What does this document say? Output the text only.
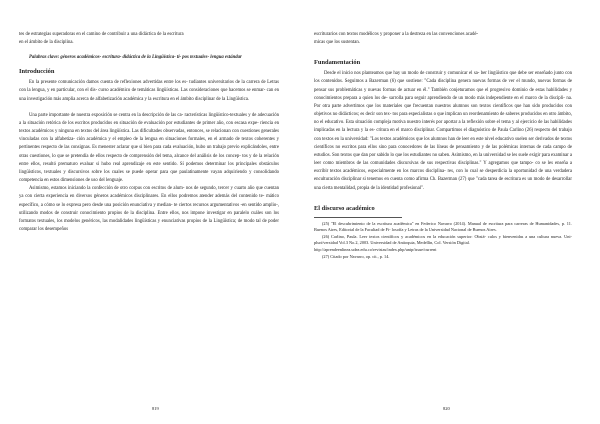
tes de estrategias superadoras en el camino de contribuir a una didáctica de la escritura

en el ámbito de la disciplina.

Palabras clave: géneros académicos- escritura- didáctica de la Lingüística- ti- pos textuales- lengua estándar
Introducción

En la presente comunicación damos cuenta de reflexiones advertidas entre los es- tudiantes universitarios de la carrera de Letras con la lengua, y en particular, con el dis- curso académico de temáticas lingüísticas. Las consideraciones que hacemos se enmar- can en una investigación más amplia acerca de alfabetización académica y la escritura en el ámbito disciplinar de la Lingüística.

Una parte importante de nuestra exposición se centra en la descripción de las ca- racterísticas lingüístico-textuales y de adecuación a la situación retórica de los escritos producidos en situación de evaluación por estudiantes de primer año, con escasa expe- riencia en textos académicos y ninguna en textos del área lingüística. Las dificultades observadas, entonces, se relacionan con cuestiones generales vinculadas con la alfabetiza- ción académica y el empleo de la lengua en situaciones formales, en el armado de textos coherentes y pertinentes respecto de las consignas. Es menester aclarar que si bien para cada evaluación, hubo un trabajo previo explicándoles, entre otras cuestiones, lo que se pretendía de ellos respecto de comprensión del tema, alcance del análisis de los concep- tos y de la relación entre ellos, resultó prematuro evaluar si hubo real aprendizaje en este sentido. Sí podemos determinar los principales obstáculos lingüísticos, textuales y discursivos sobre los cuales se puede operar para que paulatinamente vayan adquiriendo y consolidando competencia en estos dimensiones de uso del lenguaje.

Asimismo, estamos iniciando la confección de otro corpus con escritos de alum- nos de segundo, tercer y cuarto año que cuentan ya con cierta experiencia en diversos géneros académicos disciplinares. En ellos podremos atender además del contenido te- mático específico, a cómo se lo expresa pero desde una posición enunciativa y median- te ciertos recursos argumentativos -en sentido amplio-, utilizando modos de construir conocimiento propios de la disciplina. Entre ellos, nos impone investigar en paralelo cuáles son los formatos textuales, los modelos genéricos, las modalidades lingüísticas y enunciativas propios de la Lingüística; de modo tal de poder comparar los desempeños

819

escriturarios con textos modélicos y proponer a la destreza en las convenciones acadé-

micas que los sustentan.

Fundamentación

Desde el inicio nos planteamos que hay un modo de construir y comunicar el sa- ber lingüístico que debe ser enseñado junto con los contenidos. Seguimos a Bazerman (6) que sostiene: "Cada disciplina genera nuevas formas de ver el mundo, nuevas formas de pensar sus problemáticas y nuevas formas de actuar en él." También conjeturamos que el progresivo dominio de estas habilidades y conocimientos prepara a quien los de- sarrolla para seguir aprendiendo de un modo más independiente en el marco de la discipli- na. Por otra parte advertimos que los materiales que frecuentan nuestros alumnos son textos científicos que han sido producidos con objetivos no didácticos; es decir son tex- tos para especialistas o que implican un reordenamiento de saberes producidos en otro ámbito, no el educativo. Esta situación compleja motiva nuestro interés por aportar a la reflexión sobre el tema y al ejercicio de las habilidades implicadas en la lectura y la es- critura en el marco disciplinar. Compartimos el diagnóstico de Paula Carlino (26) respecto del trabajo con textos en la universidad: "Los textos académicos que los alumnos han de leer en este nivel educativo suelen ser derivados de textos científicos no escritos para ellos sino para conocedores de las líneas de pensamiento y de las polémicas internas de cada campo de estudios. Son textos que dan por sabido lo que los estudiantes no saben. Asimismo, en la universidad se les suele exigir para examinar a leer como miembros de las comunidades discursivas de sus respectivas disciplinas." Y agregamos que tampo- co se les enseña a escribir textos académicos, especialmente en los marcos disciplina- res, con lo cual se desperdicia la oportunidad de una verdadera enculturación disciplinar si tenemos en cuenta como afirma Ch. Bazerman (27) que "cada tarea de escritura es un modo de desarrollar una cierta mentalidad, propia de la identidad profesional".

El discurso académico

(25) "El descubrimiento de la escritura académica" en Federico Navarro (2014). Manual de escritura para carreras de Humanidades, p. 11. Buenos Aires, Editorial de la Facultad de Fi- losofía y Letras de la Universidad Nacional de Buenos Aires.

(26) Carlino, Paula. Leer textos científicos y académicos en la educación superior: Obstá- culos y bienvenidas a una cultura nueva. Uni-pluri/versidad Vol.3 No.2, 2003. Universidad de Antioquia, Medellín, Col. Versión Digital.

http://aprendeenlinea.udea.edu.co/revistas/index.php/unip/issue/current

(27) Citado por Navarro, op. cit., p. 14.

820
